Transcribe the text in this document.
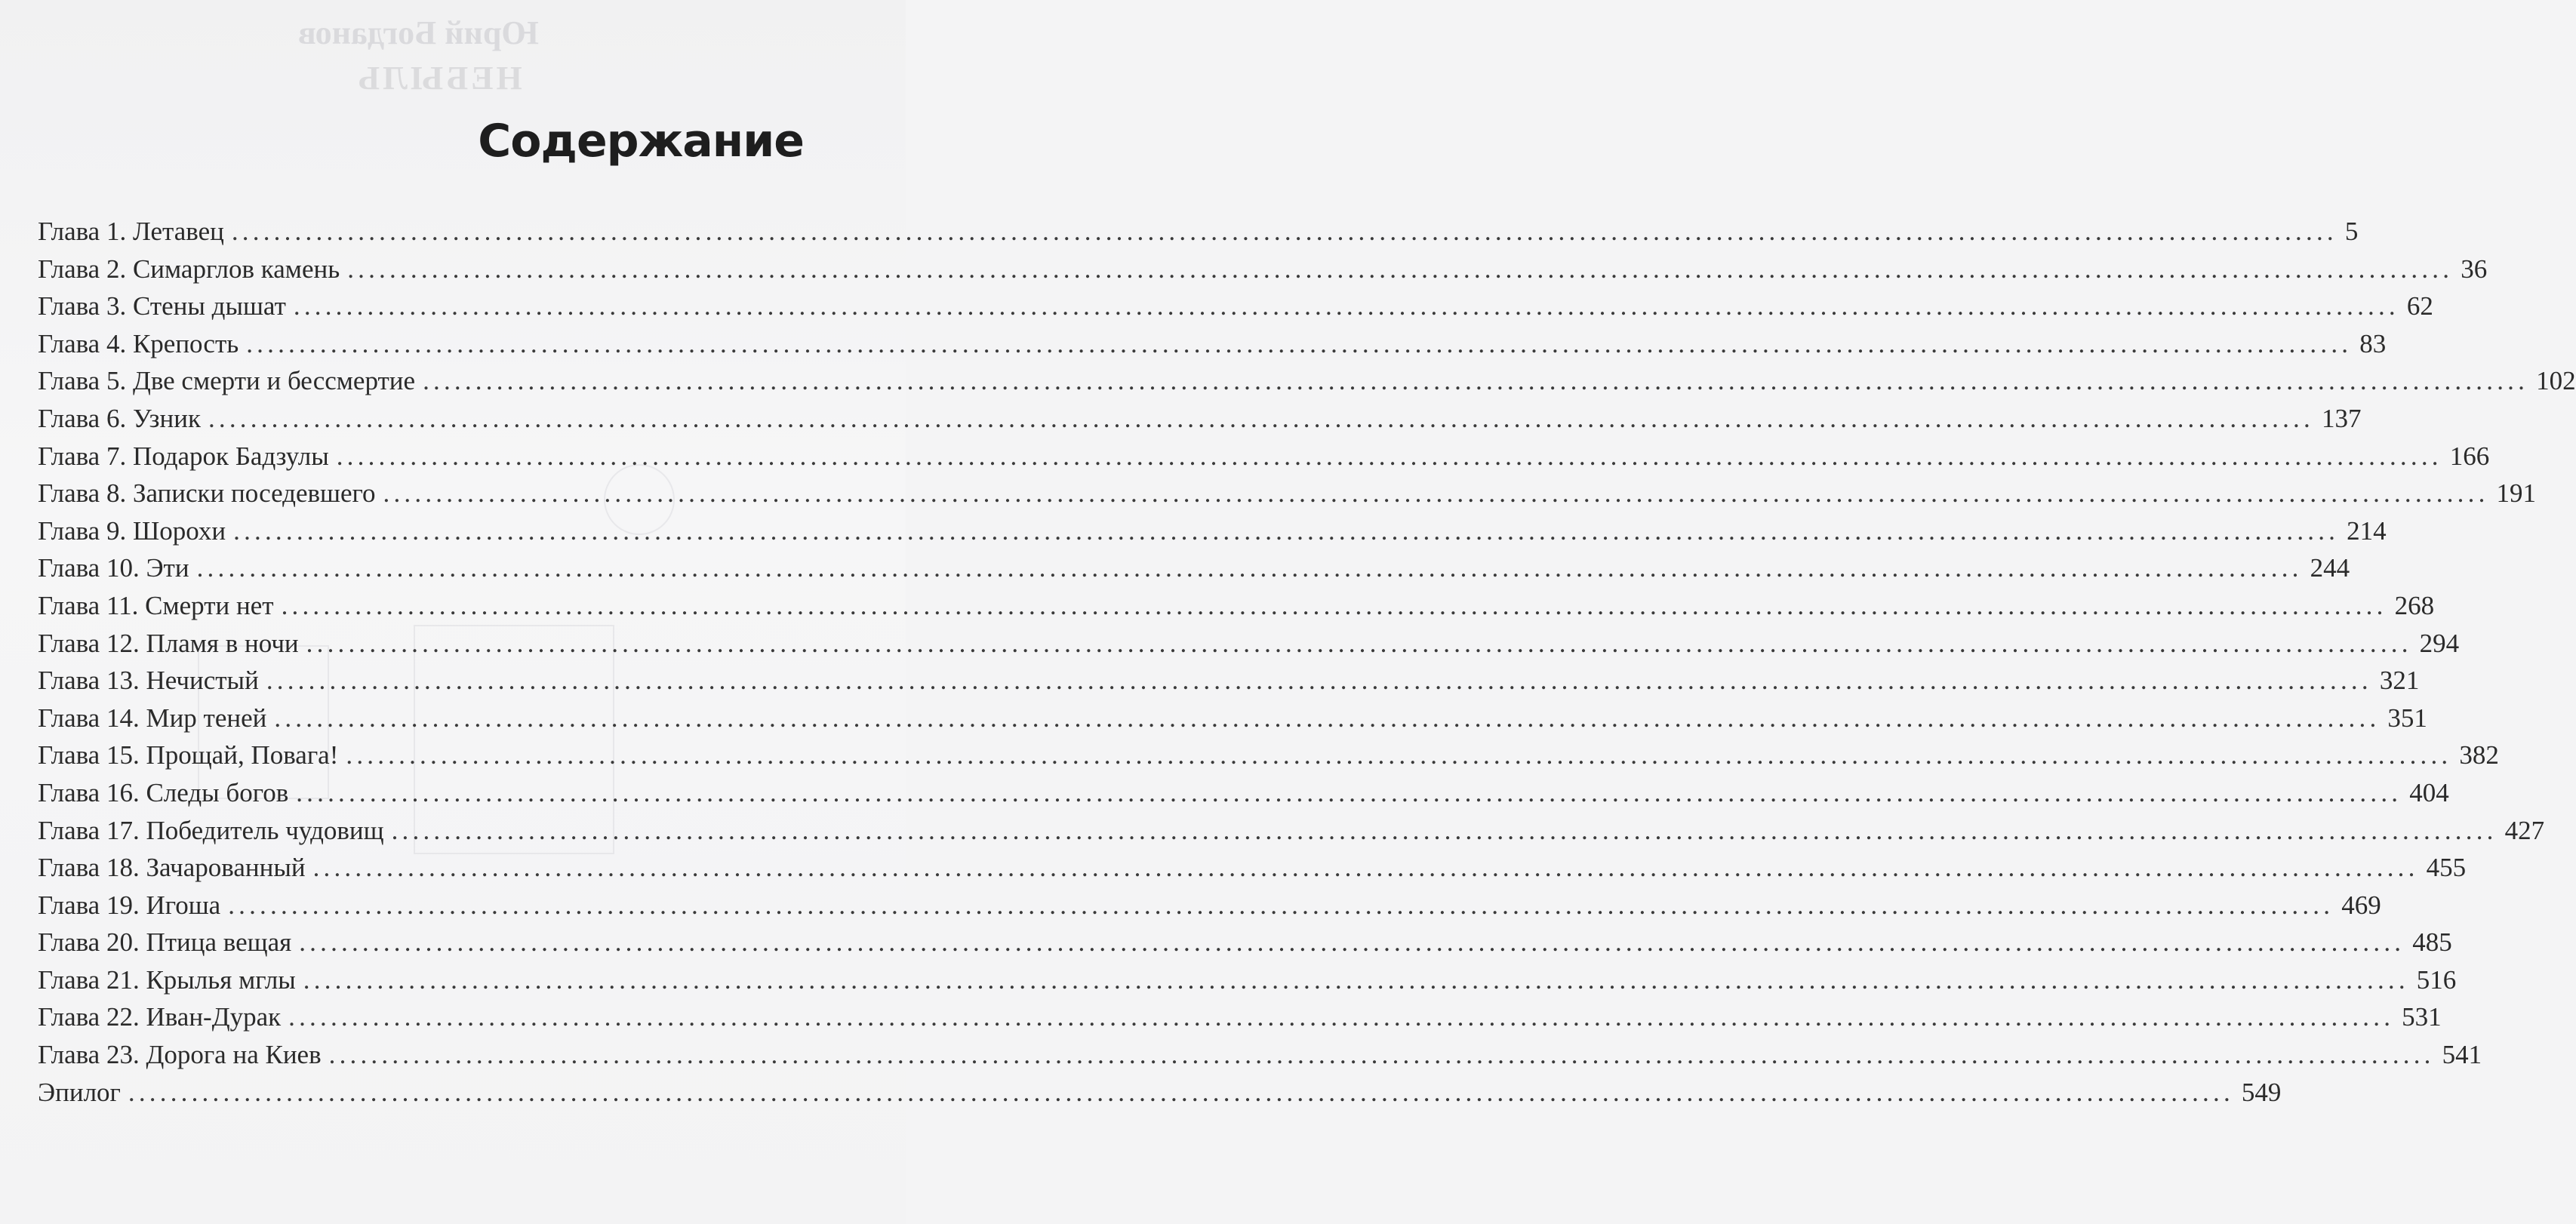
Юрий Богданов
НЕБЫЛЬ
Содержание
Глава 1. Летавец ........................................................................................................................................................................................................ 5
Глава 2. Симарглов камень ........................................................................................................................................................................................................ 36
Глава 3. Стены дышат ........................................................................................................................................................................................................ 62
Глава 4. Крепость ........................................................................................................................................................................................................ 83
Глава 5. Две смерти и бессмертие ........................................................................................................................................................................................................ 102
Глава 6. Узник ........................................................................................................................................................................................................ 137
Глава 7. Подарок Бадзулы ........................................................................................................................................................................................................ 166
Глава 8. Записки поседевшего ........................................................................................................................................................................................................ 191
Глава 9. Шорохи ........................................................................................................................................................................................................ 214
Глава 10. Эти ........................................................................................................................................................................................................ 244
Глава 11. Смерти нет ........................................................................................................................................................................................................ 268
Глава 12. Пламя в ночи ........................................................................................................................................................................................................ 294
Глава 13. Нечистый ........................................................................................................................................................................................................ 321
Глава 14. Мир теней ........................................................................................................................................................................................................ 351
Глава 15. Прощай, Повага! ........................................................................................................................................................................................................ 382
Глава 16. Следы богов ........................................................................................................................................................................................................ 404
Глава 17. Победитель чудовищ ........................................................................................................................................................................................................ 427
Глава 18. Зачарованный ........................................................................................................................................................................................................ 455
Глава 19. Игоша ........................................................................................................................................................................................................ 469
Глава 20. Птица вещая ........................................................................................................................................................................................................ 485
Глава 21. Крылья мглы ........................................................................................................................................................................................................ 516
Глава 22. Иван-Дурак ........................................................................................................................................................................................................ 531
Глава 23. Дорога на Киев ........................................................................................................................................................................................................ 541
Эпилог ........................................................................................................................................................................................................ 549
